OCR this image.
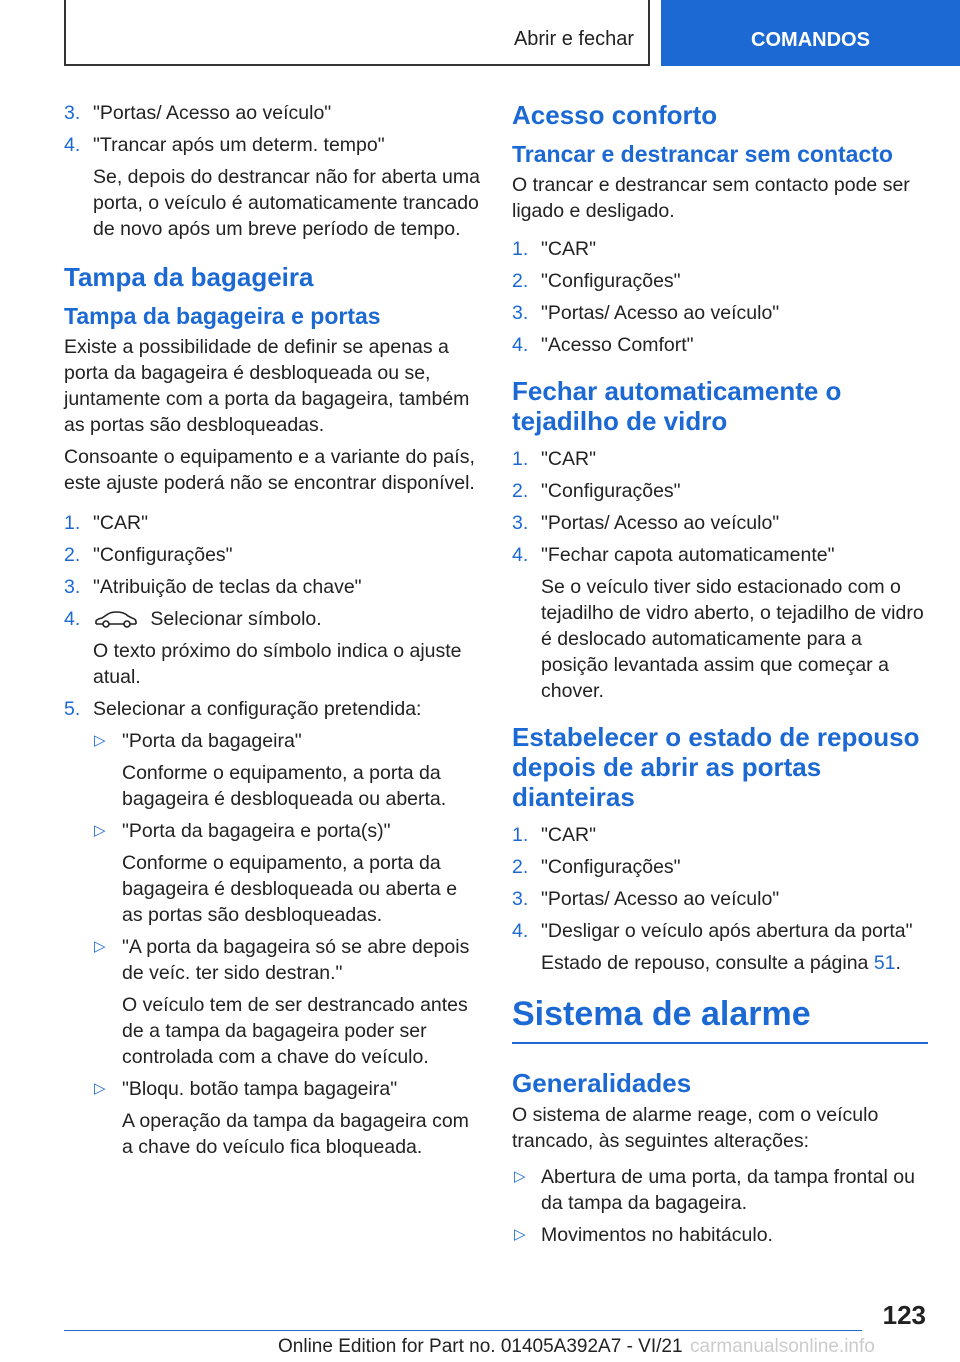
Abrir e fechar	COMANDOS
3. "Portas/ Acesso ao veículo"
4. "Trancar após um determ. tempo"
Se, depois do destrancar não for aberta uma porta, o veículo é automaticamente trancado de novo após um breve período de tempo.
Tampa da bagageira
Tampa da bagageira e portas
Existe a possibilidade de definir se apenas a porta da bagageira é desbloqueada ou se, juntamente com a porta da bagageira, também as portas são desbloqueadas.
Consoante o equipamento e a variante do país, este ajuste poderá não se encontrar disponível.
1. "CAR"
2. "Configurações"
3. "Atribuição de teclas da chave"
4.	Selecionar símbolo.
O texto próximo do símbolo indica o ajuste atual.
5. Selecionar a configuração pretendida:
▷ "Porta da bagageira"
Conforme o equipamento, a porta da bagageira é desbloqueada ou aberta.
▷ "Porta da bagageira e porta(s)"
Conforme o equipamento, a porta da bagageira é desbloqueada ou aberta e as portas são desbloqueadas.
▷ "A porta da bagageira só se abre depois de veíc. ter sido destran."
O veículo tem de ser destrancado antes de a tampa da bagageira poder ser controlada com a chave do veículo.
▷ "Bloqu. botão tampa bagageira"
A operação da tampa da bagageira com a chave do veículo fica bloqueada.
Acesso conforto
Trancar e destrancar sem contacto
O trancar e destrancar sem contacto pode ser ligado e desligado.
1. "CAR"
2. "Configurações"
3. "Portas/ Acesso ao veículo"
4. "Acesso Comfort"
Fechar automaticamente o tejadilho de vidro
1. "CAR"
2. "Configurações"
3. "Portas/ Acesso ao veículo"
4. "Fechar capota automaticamente"
Se o veículo tiver sido estacionado com o tejadilho de vidro aberto, o tejadilho de vidro é deslocado automaticamente para a posição levantada assim que começar a chover.
Estabelecer o estado de repouso depois de abrir as portas dianteiras
1. "CAR"
2. "Configurações"
3. "Portas/ Acesso ao veículo"
4. "Desligar o veículo após abertura da porta"
Estado de repouso, consulte a página 51.
Sistema de alarme
Generalidades
O sistema de alarme reage, com o veículo trancado, às seguintes alterações:
▷ Abertura de uma porta, da tampa frontal ou da tampa da bagageira.
▷ Movimentos no habitáculo.
123
Online Edition for Part no. 01405A392A7 - VI/21 carmanualsonline.info
